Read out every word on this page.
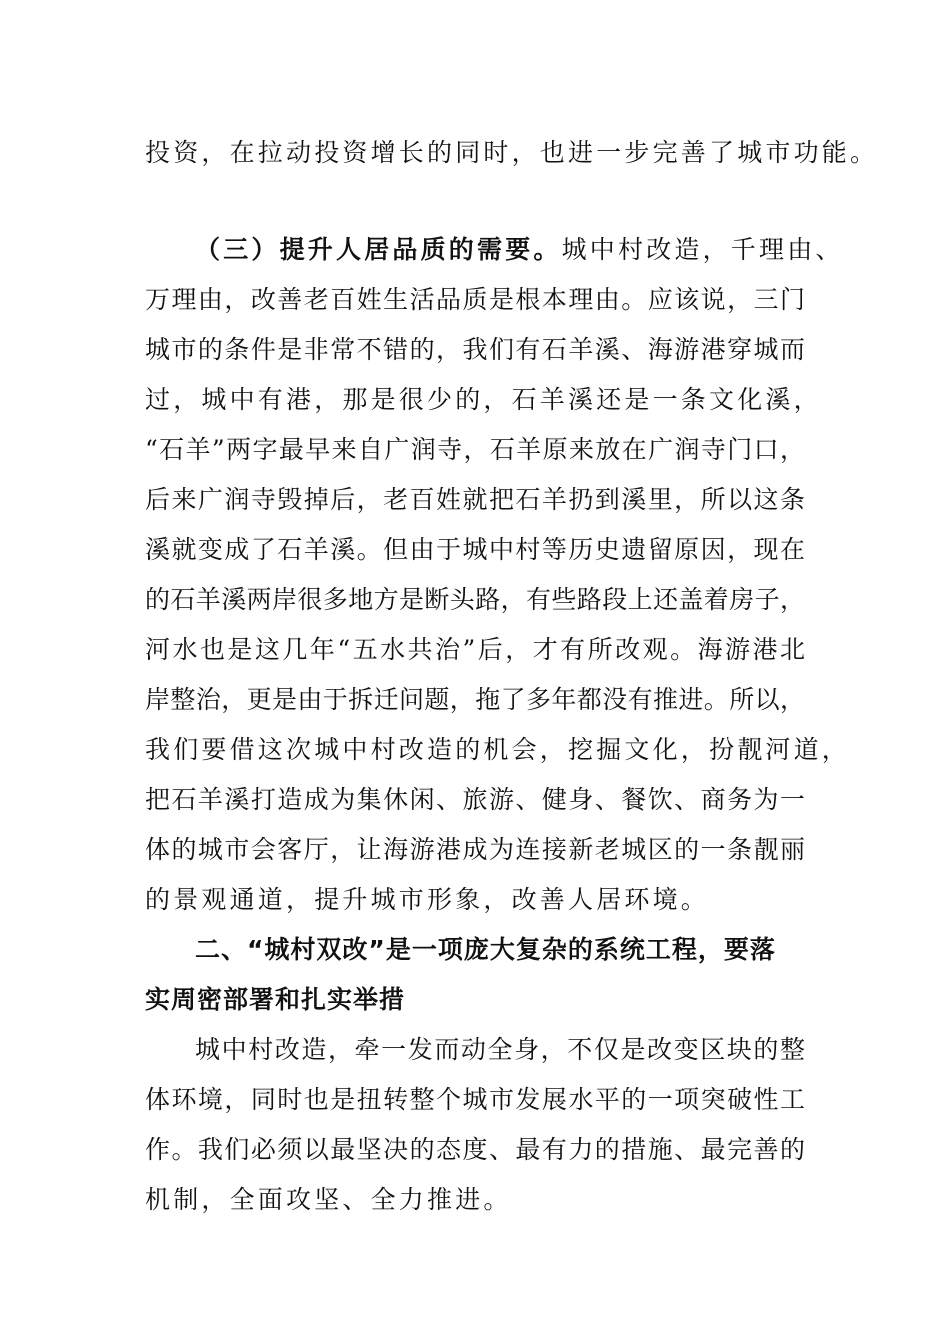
投资，在拉动投资增长的同时，也进一步完善了城市功能。
（三）提升人居品质的需要。城中村改造，千理由、
万理由，改善老百姓生活品质是根本理由。应该说，三门
城市的条件是非常不错的，我们有石羊溪、海游港穿城而
过，城中有港，那是很少的，石羊溪还是一条文化溪，
“石羊”两字最早来自广润寺，石羊原来放在广润寺门口，
后来广润寺毁掉后，老百姓就把石羊扔到溪里，所以这条
溪就变成了石羊溪。但由于城中村等历史遗留原因，现在
的石羊溪两岸很多地方是断头路，有些路段上还盖着房子，
河水也是这几年“五水共治”后，才有所改观。海游港北
岸整治，更是由于拆迁问题，拖了多年都没有推进。所以，
我们要借这次城中村改造的机会，挖掘文化，扮靓河道，
把石羊溪打造成为集休闲、旅游、健身、餐饮、商务为一
体的城市会客厅，让海游港成为连接新老城区的一条靓丽
的景观通道，提升城市形象，改善人居环境。
二、“城村双改”是一项庞大复杂的系统工程，要落
实周密部署和扎实举措
城中村改造，牵一发而动全身，不仅是改变区块的整
体环境，同时也是扭转整个城市发展水平的一项突破性工
作。我们必须以最坚决的态度、最有力的措施、最完善的
机制，全面攻坚、全力推进。
